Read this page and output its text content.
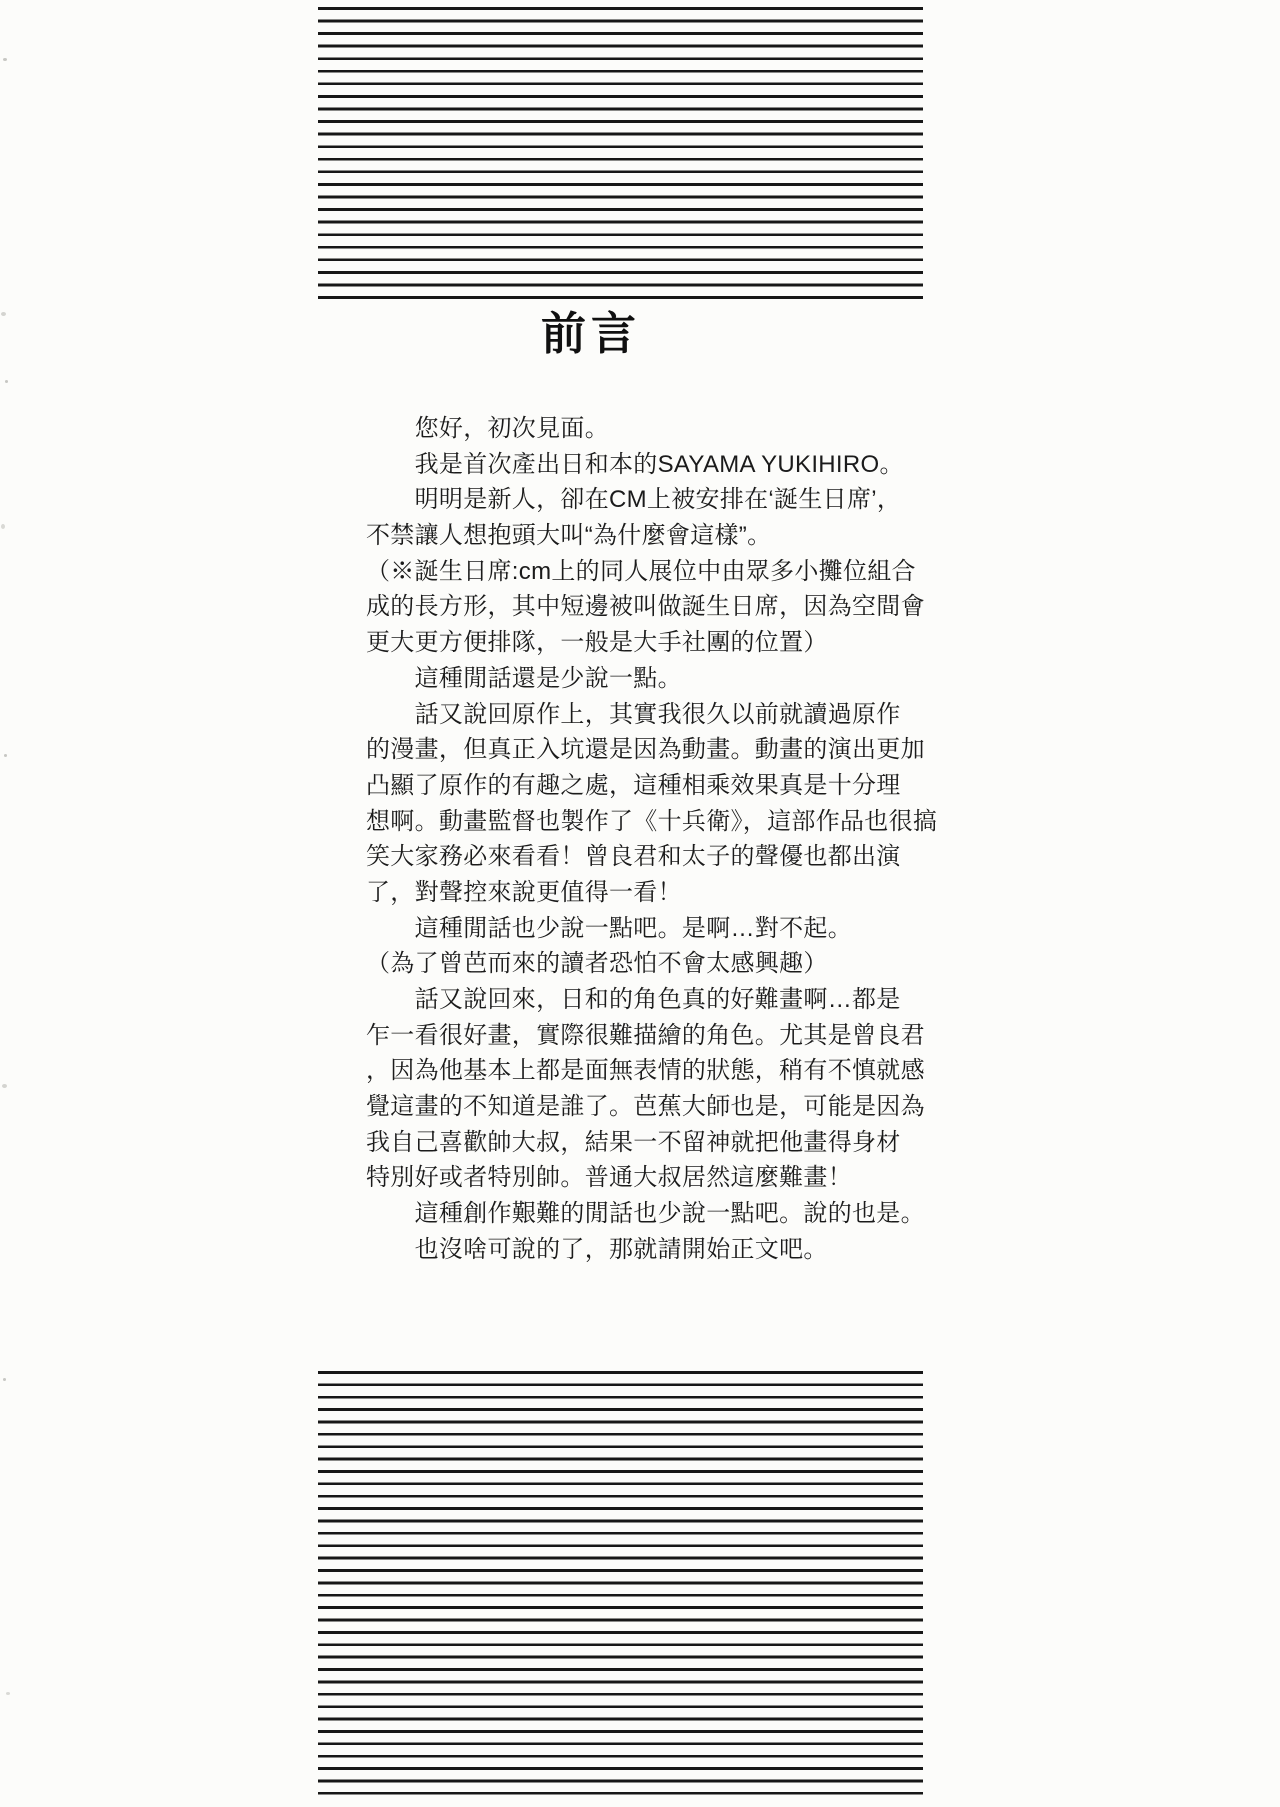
前言
　　您好，初次見面。
　　我是首次產出日和本的SAYAMA YUKIHIRO。
　　明明是新人，卻在CM上被安排在‘誕生日席’，
不禁讓人想抱頭大叫“為什麼會這樣”。
（※誕生日席:cm上的同人展位中由眾多小攤位組合
成的長方形，其中短邊被叫做誕生日席，因為空間會
更大更方便排隊，一般是大手社團的位置）
　　這種閒話還是少說一點。
　　話又說回原作上，其實我很久以前就讀過原作
的漫畫，但真正入坑還是因為動畫。動畫的演出更加
凸顯了原作的有趣之處，這種相乘效果真是十分理
想啊。動畫監督也製作了《十兵衛》，這部作品也很搞
笑大家務必來看看！曾良君和太子的聲優也都出演
了，對聲控來說更值得一看！
　　這種閒話也少說一點吧。是啊…對不起。
（為了曾芭而來的讀者恐怕不會太感興趣）
　　話又說回來，日和的角色真的好難畫啊…都是
乍一看很好畫，實際很難描繪的角色。尤其是曾良君
，因為他基本上都是面無表情的狀態，稍有不慎就感
覺這畫的不知道是誰了。芭蕉大師也是，可能是因為
我自己喜歡帥大叔，結果一不留神就把他畫得身材
特別好或者特別帥。普通大叔居然這麼難畫！
　　這種創作艱難的閒話也少說一點吧。說的也是。
　　也沒啥可說的了，那就請開始正文吧。
